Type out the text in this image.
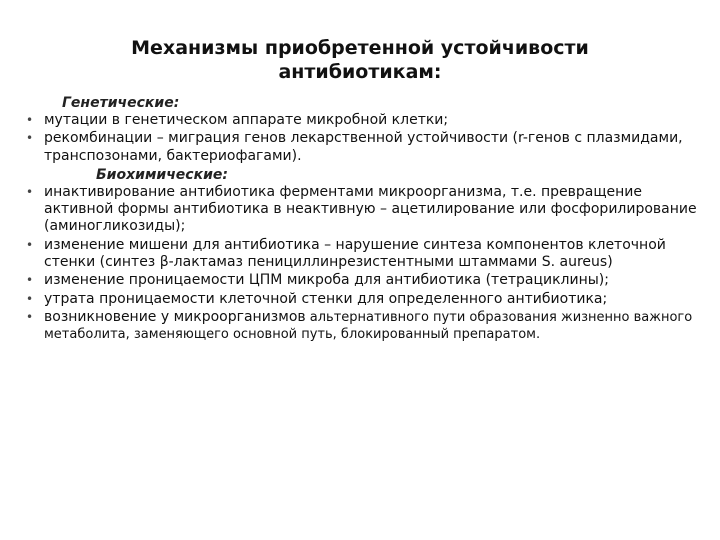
Механизмы приобретенной устойчивости
антибиотикам:
Генетические:
• мутации в генетическом аппарате микробной клетки;
• рекомбинации – миграция генов лекарственной устойчивости (r-генов с плазмидами, транспозонами, бактериофагами).
Биохимические:
• инактивирование антибиотика ферментами микроорганизма, т.е. превращение активной формы антибиотика в неактивную – ацетилирование или фосфорилирование (аминогликозиды);
• изменение мишени для антибиотика – нарушение синтеза компонентов клеточной стенки (синтез β-лактамаз пенициллинрезистентными штаммами S. aureus)
• изменение проницаемости ЦПМ микроба для антибиотика (тетрациклины);
• утрата проницаемости клеточной стенки для определенного антибиотика;
• возникновение у микроорганизмов альтернативного пути образования жизненно важного метаболита, заменяющего основной путь, блокированный препаратом.
